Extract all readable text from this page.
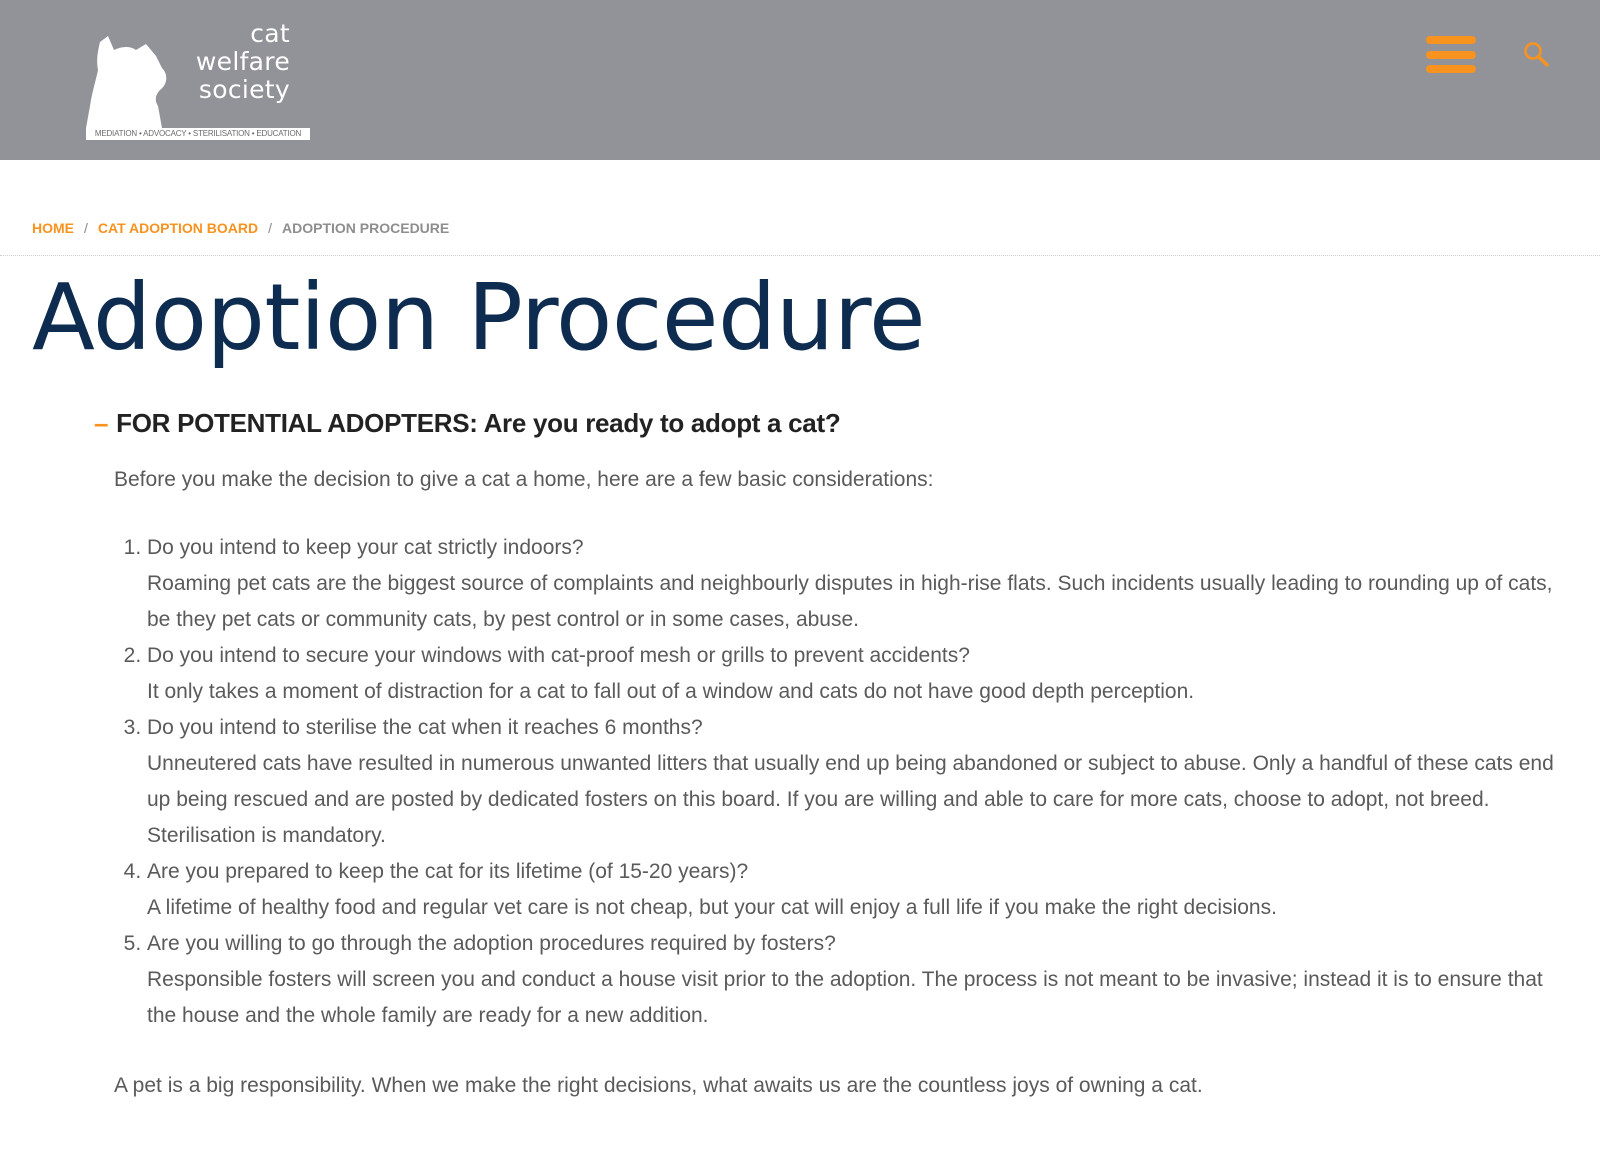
cat
welfare
society
MEDIATION • ADVOCACY • STERILISATION • EDUCATION
HOME / CAT ADOPTION BOARD / ADOPTION PROCEDURE
Adoption Procedure
– FOR POTENTIAL ADOPTERS: Are you ready to adopt a cat?

Before you make the decision to give a cat a home, here are a few basic considerations:

1. Do you intend to keep your cat strictly indoors?
Roaming pet cats are the biggest source of complaints and neighbourly disputes in high-rise flats. Such incidents usually leading to rounding up of cats, be they pet cats or community cats, by pest control or in some cases, abuse.
2. Do you intend to secure your windows with cat-proof mesh or grills to prevent accidents?
It only takes a moment of distraction for a cat to fall out of a window and cats do not have good depth perception.
3. Do you intend to sterilise the cat when it reaches 6 months?
Unneutered cats have resulted in numerous unwanted litters that usually end up being abandoned or subject to abuse. Only a handful of these cats end up being rescued and are posted by dedicated fosters on this board. If you are willing and able to care for more cats, choose to adopt, not breed. Sterilisation is mandatory.
4. Are you prepared to keep the cat for its lifetime (of 15-20 years)?
A lifetime of healthy food and regular vet care is not cheap, but your cat will enjoy a full life if you make the right decisions.
5. Are you willing to go through the adoption procedures required by fosters?
Responsible fosters will screen you and conduct a house visit prior to the adoption. The process is not meant to be invasive; instead it is to ensure that the house and the whole family are ready for a new addition.

A pet is a big responsibility. When we make the right decisions, what awaits us are the countless joys of owning a cat.
